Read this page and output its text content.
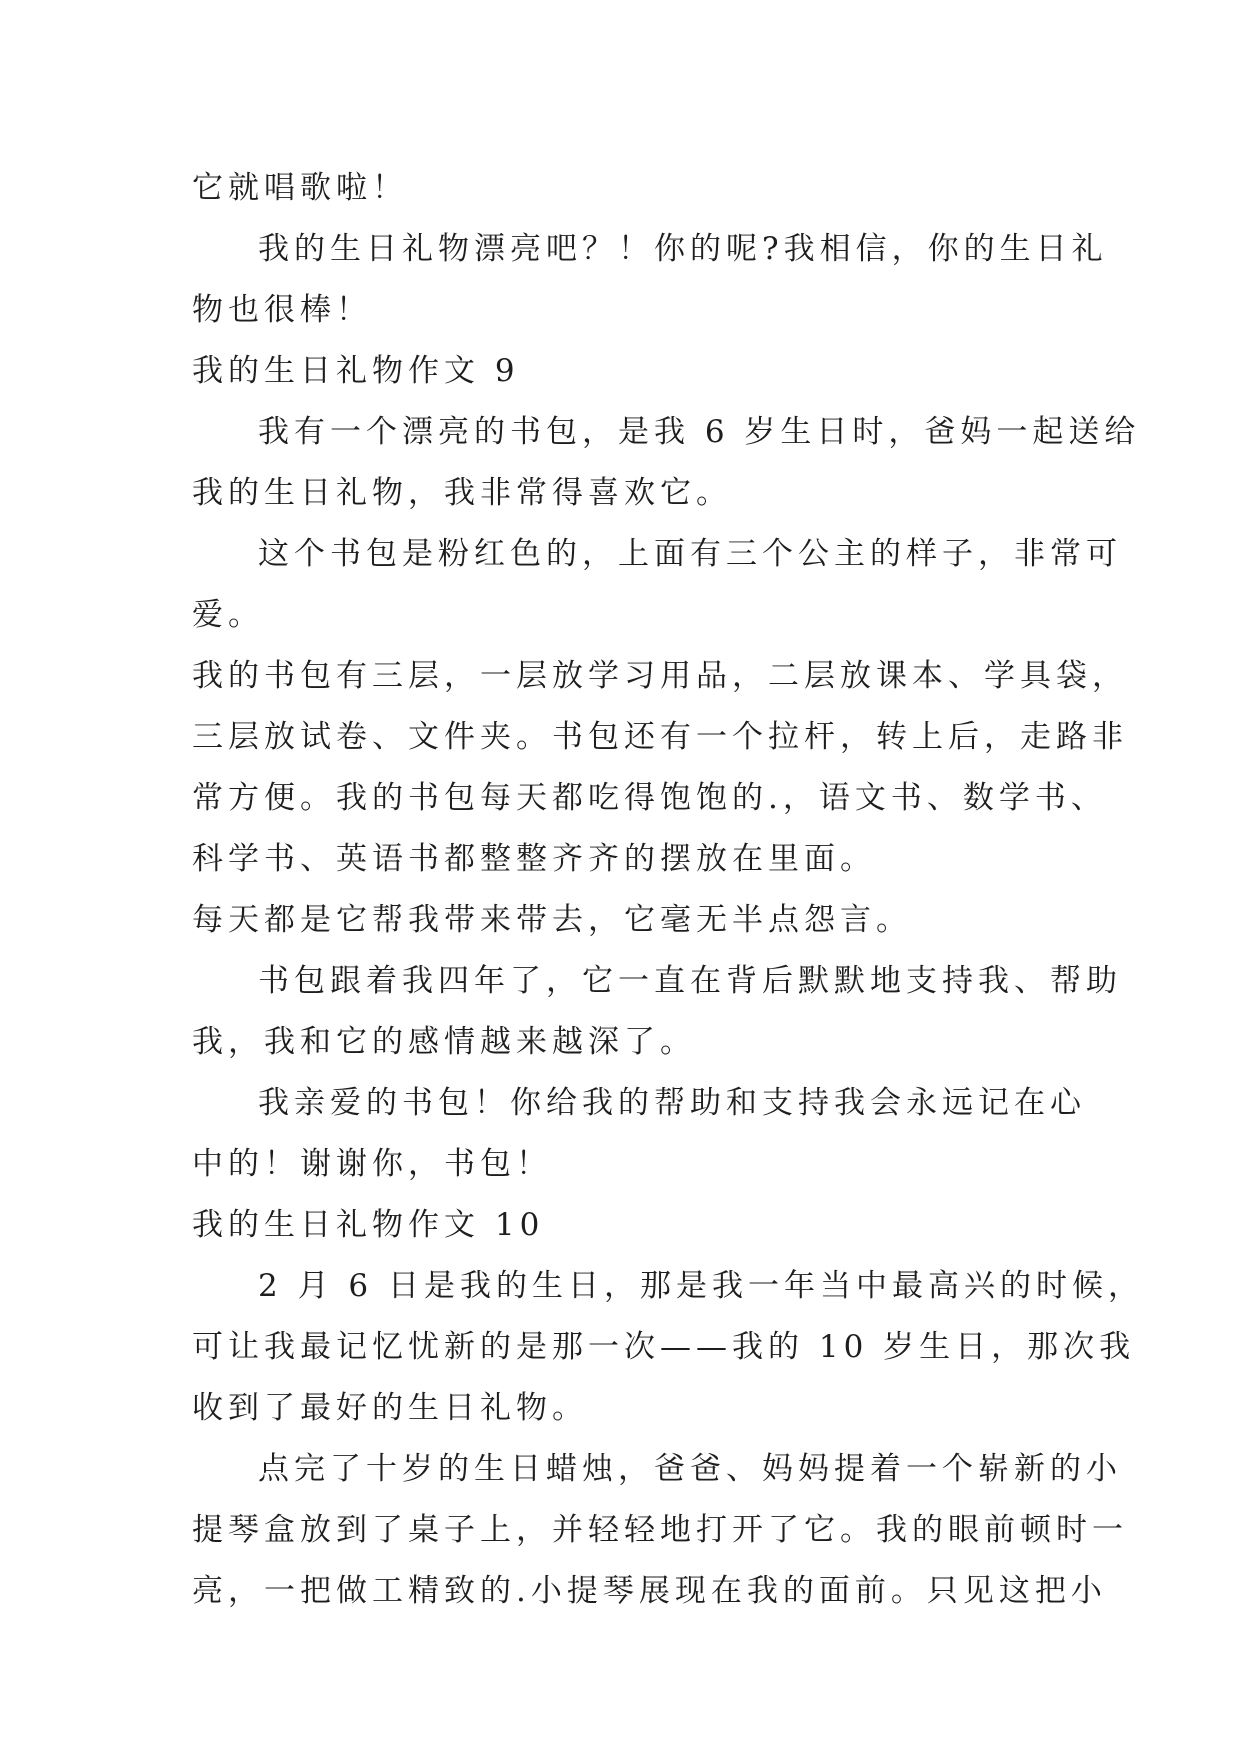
它就唱歌啦！
我的生日礼物漂亮吧？！你的呢?我相信，你的生日礼
物也很棒！
我的生日礼物作文 9
我有一个漂亮的书包，是我 6 岁生日时，爸妈一起送给
我的生日礼物，我非常得喜欢它。
这个书包是粉红色的，上面有三个公主的样子，非常可
爱。
我的书包有三层，一层放学习用品，二层放课本、学具袋，
三层放试卷、文件夹。书包还有一个拉杆，转上后，走路非
常方便。我的书包每天都吃得饱饱的.，语文书、数学书、
科学书、英语书都整整齐齐的摆放在里面。
每天都是它帮我带来带去，它毫无半点怨言。
书包跟着我四年了，它一直在背后默默地支持我、帮助
我，我和它的感情越来越深了。
我亲爱的书包！你给我的帮助和支持我会永远记在心
中的！谢谢你，书包！
我的生日礼物作文 10
2 月 6 日是我的生日，那是我一年当中最高兴的时候，
可让我最记忆忧新的是那一次——我的 10 岁生日，那次我
收到了最好的生日礼物。
点完了十岁的生日蜡烛，爸爸、妈妈提着一个崭新的小
提琴盒放到了桌子上，并轻轻地打开了它。我的眼前顿时一
亮，一把做工精致的.小提琴展现在我的面前。只见这把小
